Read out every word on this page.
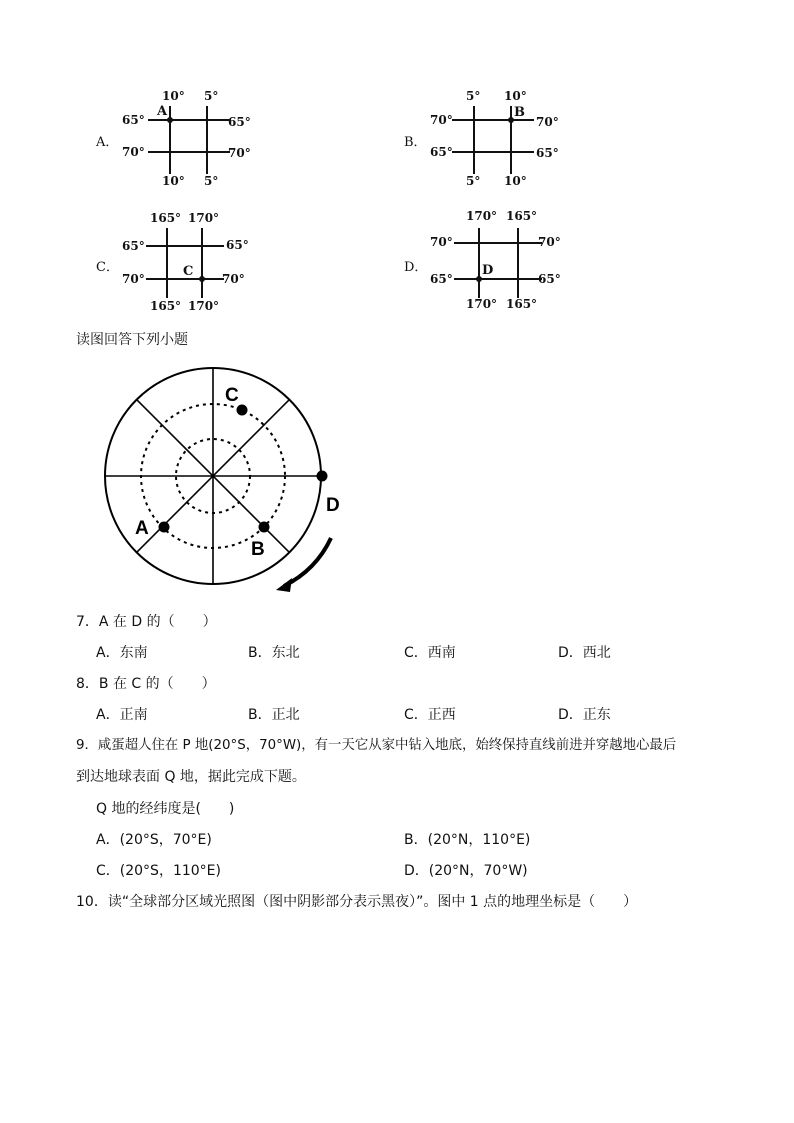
A．
10° 5°
10° 5°
65°
70°
65°
70°
A
B．
5° 10°
5° 10°
70°
65°
70°
65°
B
C．
165° 170°
165° 170°
65°
70°
65°
70°
C	D．
170° 165°
170° 165°
70°
65°
70°
65°
D
读图回答下列小题
C
D
B
A
7．A 在 D 的（　　）
A．东南	B．东北	C．西南	D．西北
8．B 在 C 的（　　）
A．正南	B．正北	C．正西	D．正东
9．咸蛋超人住在 P 地(20°S，70°W)，有一天它从家中钻入地底，始终保持直线前进并穿越地心最后
到达地球表面 Q 地，据此完成下题。
Q 地的经纬度是(　　)
A．(20°S，70°E)	B．(20°N，110°E)
C．(20°S，110°E)	D．(20°N，70°W)
10．读“全球部分区域光照图（图中阴影部分表示黑夜）”。图中 1 点的地理坐标是（　　）
